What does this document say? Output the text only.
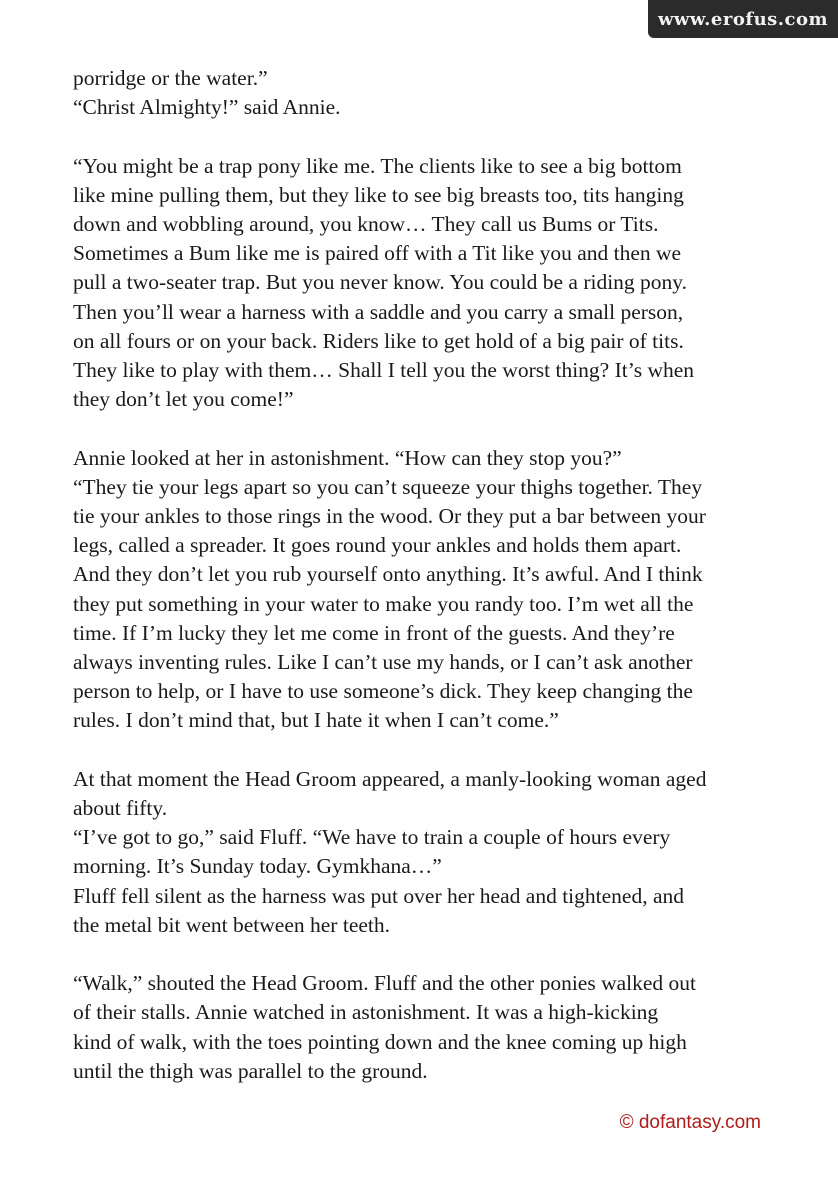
www.erofus.com
porridge or the water.”
“Christ Almighty!” said Annie.
“You might be a trap pony like me. The clients like to see a big bottom
like mine pulling them, but they like to see big breasts too, tits hanging
down and wobbling around, you know… They call us Bums or Tits.
Sometimes a Bum like me is paired off with a Tit like you and then we
pull a two-seater trap. But you never know. You could be a riding pony.
Then you’ll wear a harness with a saddle and you carry a small person,
on all fours or on your back. Riders like to get hold of a big pair of tits.
They like to play with them… Shall I tell you the worst thing? It’s when
they don’t let you come!”
Annie looked at her in astonishment. “How can they stop you?”
“They tie your legs apart so you can’t squeeze your thighs together. They
tie your ankles to those rings in the wood. Or they put a bar between your
legs, called a spreader. It goes round your ankles and holds them apart.
And they don’t let you rub yourself onto anything. It’s awful. And I think
they put something in your water to make you randy too. I’m wet all the
time. If I’m lucky they let me come in front of the guests. And they’re
always inventing rules. Like I can’t use my hands, or I can’t ask another
person to help, or I have to use someone’s dick. They keep changing the
rules. I don’t mind that, but I hate it when I can’t come.”
At that moment the Head Groom appeared, a manly-looking woman aged
about fifty.
“I’ve got to go,” said Fluff. “We have to train a couple of hours every
morning. It’s Sunday today. Gymkhana…”
Fluff fell silent as the harness was put over her head and tightened, and
the metal bit went between her teeth.
“Walk,” shouted the Head Groom. Fluff and the other ponies walked out
of their stalls. Annie watched in astonishment. It was a high-kicking
kind of walk, with the toes pointing down and the knee coming up high
until the thigh was parallel to the ground.
© dofantasy.com
